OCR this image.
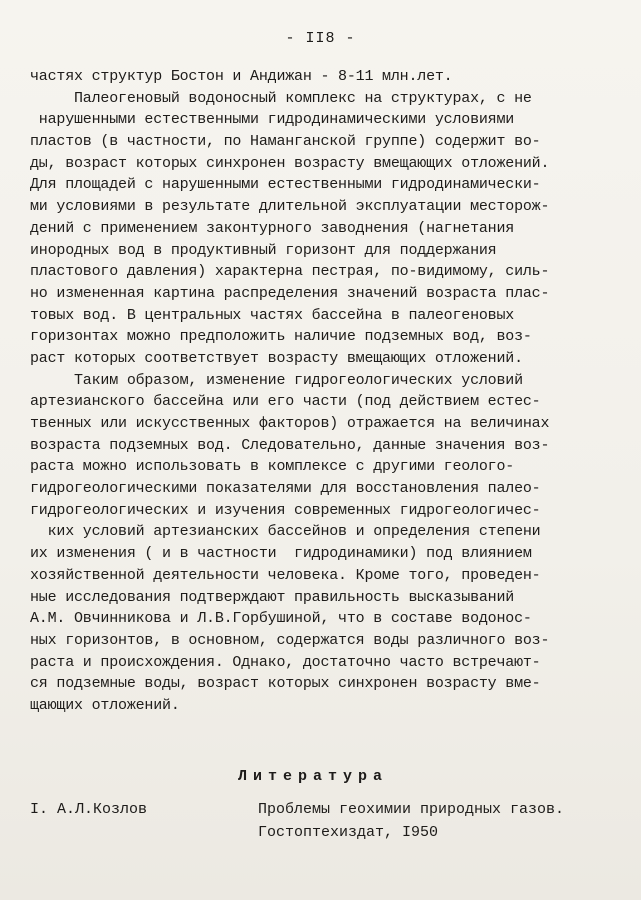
- II8 -
частях структур Бостон и Андижан - 8-11 млн.лет.
Палеогеновый водоносный комплекс на структурах, с не
нарушенными естественными гидродинамическими условиями
пластов (в частности, по Наманганской группе) содержит во-
ды, возраст которых синхронен возрасту вмещающих отложений.
Для площадей с нарушенными естественными гидродинамически-
ми условиями в результате длительной эксплуатации месторож-
дений с применением законтурного заводнения (нагнетания
инородных вод в продуктивный горизонт для поддержания
пластового давления) характерна пестрая, по-видимому, силь-
но измененная картина распределения значений возраста плас-
товых вод. В центральных частях бассейна в палеогеновых
горизонтах можно предположить наличие подземных вод, воз-
раст которых соответствует возрасту вмещающих отложений.
Таким образом, изменение гидрогеологических условий
артезианского бассейна или его части (под действием естес-
твенных или искусственных факторов) отражается на величинах
возраста подземных вод. Следовательно, данные значения воз-
раста можно использовать в комплексе с другими геолого-
гидрогеологическими показателями для восстановления палео-
гидрогеологических и изучения современных гидрогеологичес-
ких условий артезианских бассейнов и определения степени
их изменения ( и в частности  гидродинамики) под влиянием
хозяйственной деятельности человека. Кроме того, проведен-
ные исследования подтверждают правильность высказываний
А.М. Овчинникова и Л.В.Горбушиной, что в составе водонос-
ных горизонтов, в основном, содержатся воды различного воз-
раста и происхождения. Однако, достаточно часто встречают-
ся подземные воды, возраст которых синхронен возрасту вме-
щающих отложений.
Литература
I. А.Л.Козлов	Проблемы геохимии природных газов.
Гостоптехиздат, I950
